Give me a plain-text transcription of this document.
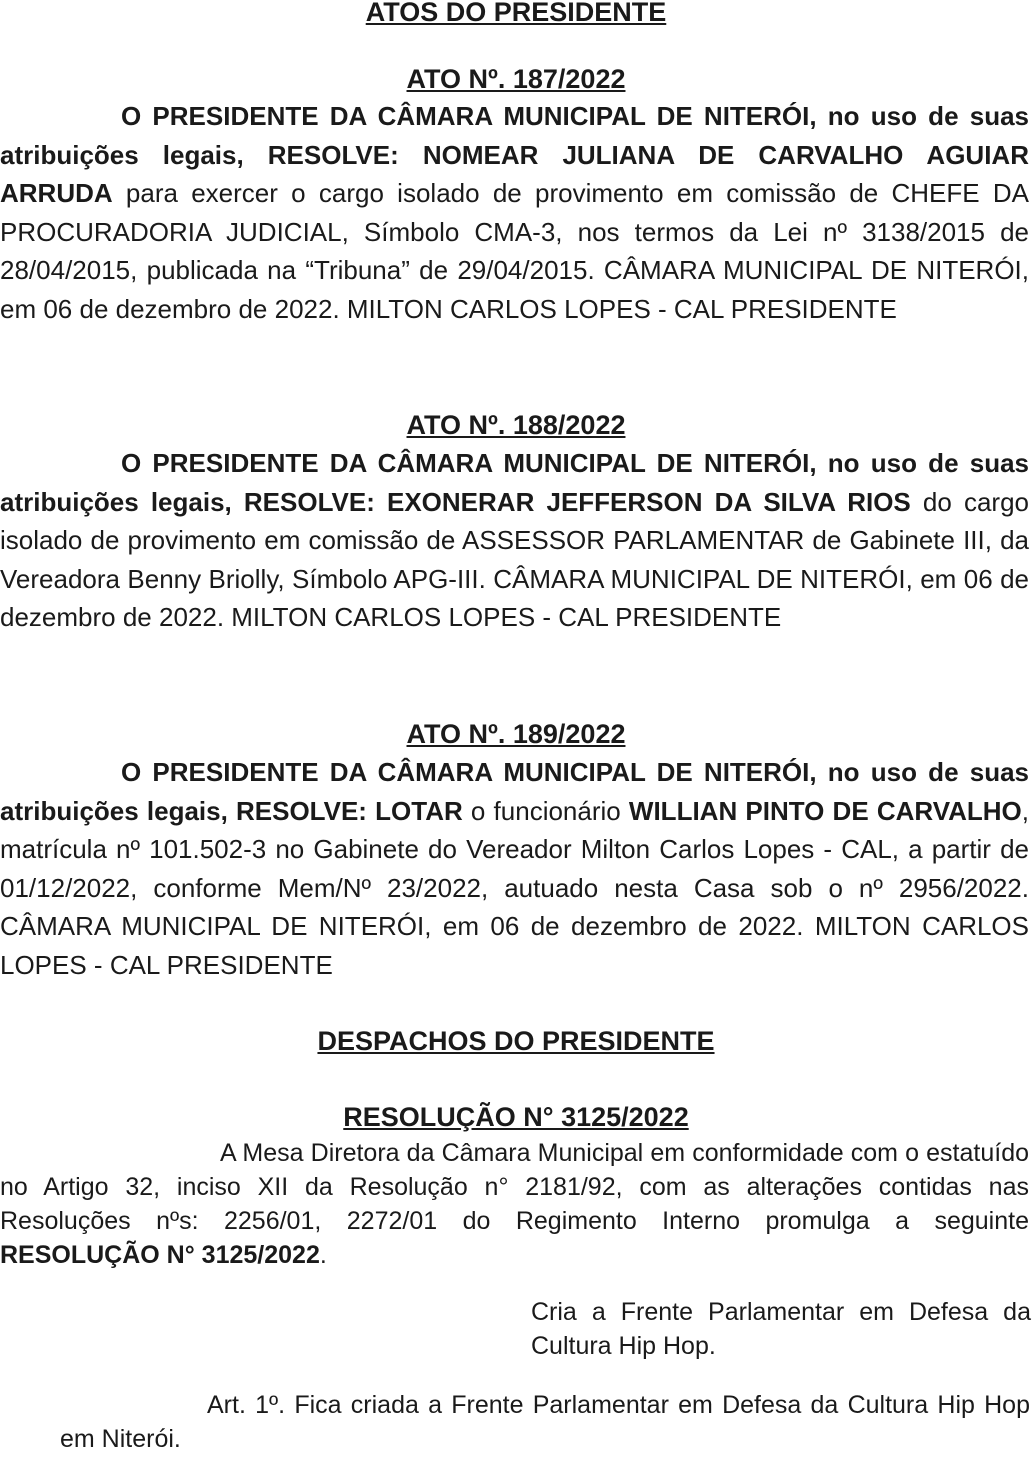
ATOS DO PRESIDENTE
ATO Nº. 187/2022

O PRESIDENTE DA CÂMARA MUNICIPAL DE NITERÓI, no uso de suas atribuições legais, RESOLVE: NOMEAR JULIANA DE CARVALHO AGUIAR ARRUDA para exercer o cargo isolado de provimento em comissão de CHEFE DA PROCURADORIA JUDICIAL, Símbolo CMA-3, nos termos da Lei nº 3138/2015 de 28/04/2015, publicada na “Tribuna” de 29/04/2015. CÂMARA MUNICIPAL DE NITERÓI, em 06 de dezembro de 2022. MILTON CARLOS LOPES - CAL PRESIDENTE

ATO Nº. 188/2022

O PRESIDENTE DA CÂMARA MUNICIPAL DE NITERÓI, no uso de suas atribuições legais, RESOLVE: EXONERAR JEFFERSON DA SILVA RIOS do cargo isolado de provimento em comissão de ASSESSOR PARLAMENTAR de Gabinete III, da Vereadora Benny Briolly, Símbolo APG-III. CÂMARA MUNICIPAL DE NITERÓI, em 06 de dezembro de 2022. MILTON CARLOS LOPES - CAL PRESIDENTE

ATO Nº. 189/2022

O PRESIDENTE DA CÂMARA MUNICIPAL DE NITERÓI, no uso de suas atribuições legais, RESOLVE: LOTAR o funcionário WILLIAN PINTO DE CARVALHO, matrícula nº 101.502-3 no Gabinete do Vereador Milton Carlos Lopes - CAL, a partir de 01/12/2022, conforme Mem/Nº 23/2022, autuado nesta Casa sob o nº 2956/2022. CÂMARA MUNICIPAL DE NITERÓI, em 06 de dezembro de 2022. MILTON CARLOS LOPES - CAL PRESIDENTE

DESPACHOS DO PRESIDENTE
RESOLUÇÃO N° 3125/2022

A Mesa Diretora da Câmara Municipal em conformidade com o estatuído no Artigo 32, inciso XII da Resolução n° 2181/92, com as alterações contidas nas Resoluções nºs: 2256/01, 2272/01 do Regimento Interno promulga a seguinte RESOLUÇÃO N° 3125/2022.

Cria a Frente Parlamentar em Defesa da Cultura Hip Hop.

Art. 1º. Fica criada a Frente Parlamentar em Defesa da Cultura Hip Hop em Niterói.
